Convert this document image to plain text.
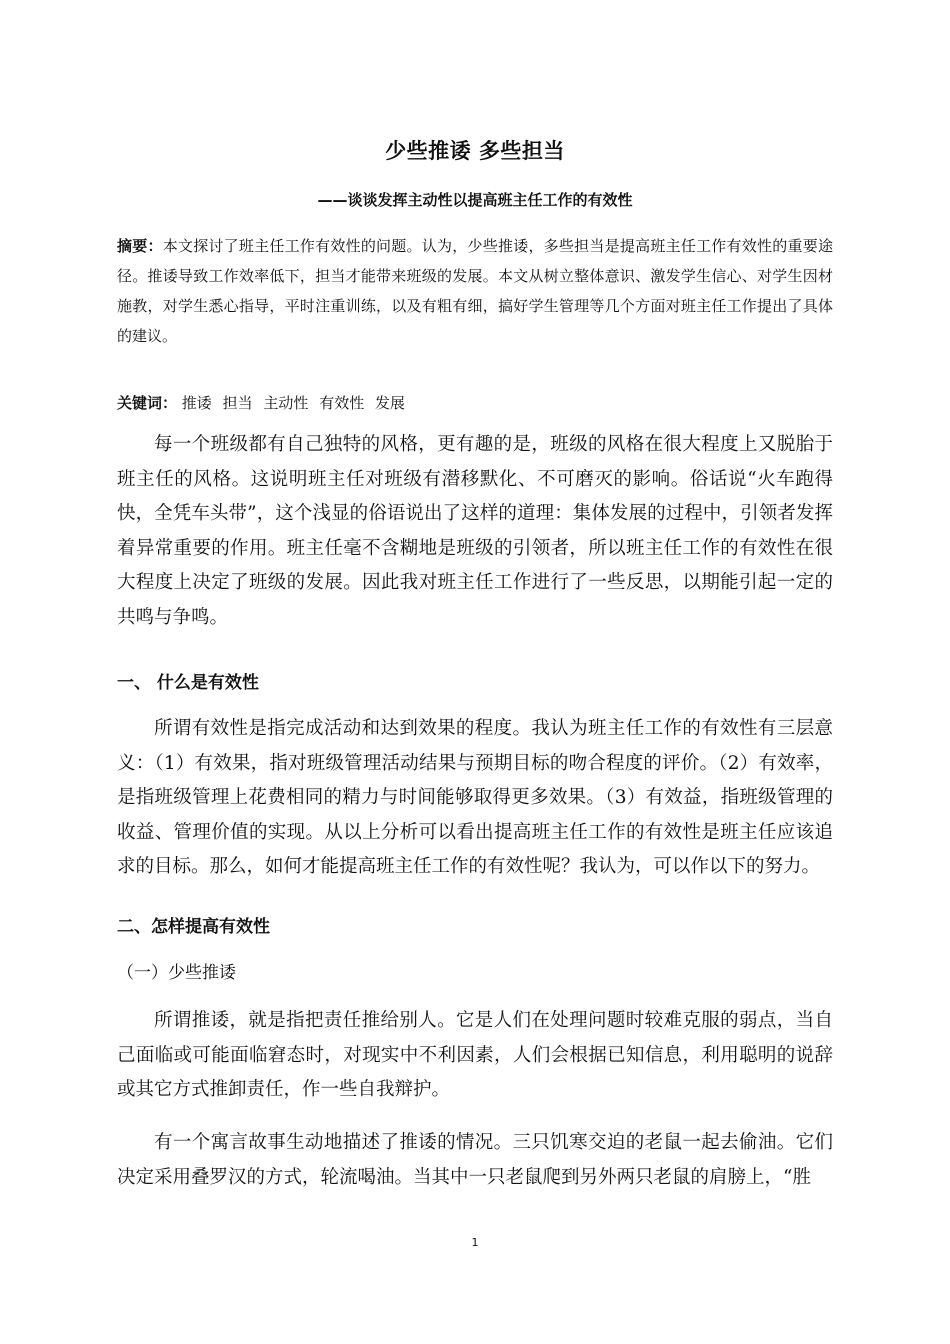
少些推诿 多些担当
——谈谈发挥主动性以提高班主任工作的有效性
摘要：本文探讨了班主任工作有效性的问题。认为，少些推诿，多些担当是提高班主任工作有效性的重要途径。推诿导致工作效率低下，担当才能带来班级的发展。本文从树立整体意识、激发学生信心、对学生因材施教，对学生悉心指导，平时注重训练，以及有粗有细，搞好学生管理等几个方面对班主任工作提出了具体的建议。
关键词： 推诿 担当 主动性 有效性 发展
每一个班级都有自己独特的风格，更有趣的是，班级的风格在很大程度上又脱胎于班主任的风格。这说明班主任对班级有潜移默化、不可磨灭的影响。俗话说“火车跑得快，全凭车头带”，这个浅显的俗语说出了这样的道理：集体发展的过程中，引领者发挥着异常重要的作用。班主任毫不含糊地是班级的引领者，所以班主任工作的有效性在很大程度上决定了班级的发展。因此我对班主任工作进行了一些反思，以期能引起一定的共鸣与争鸣。
一、 什么是有效性
所谓有效性是指完成活动和达到效果的程度。我认为班主任工作的有效性有三层意义：（1）有效果，指对班级管理活动结果与预期目标的吻合程度的评价。（2）有效率，是指班级管理上花费相同的精力与时间能够取得更多效果。（3）有效益，指班级管理的收益、管理价值的实现。从以上分析可以看出提高班主任工作的有效性是班主任应该追求的目标。那么，如何才能提高班主任工作的有效性呢？我认为，可以作以下的努力。
二、怎样提高有效性
（一）少些推诿
所谓推诿，就是指把责任推给别人。它是人们在处理问题时较难克服的弱点，当自己面临或可能面临窘态时，对现实中不利因素，人们会根据已知信息，利用聪明的说辞或其它方式推卸责任，作一些自我辩护。
有一个寓言故事生动地描述了推诿的情况。三只饥寒交迫的老鼠一起去偷油。它们决定采用叠罗汉的方式，轮流喝油。当其中一只老鼠爬到另外两只老鼠的肩膀上，“胜
1
